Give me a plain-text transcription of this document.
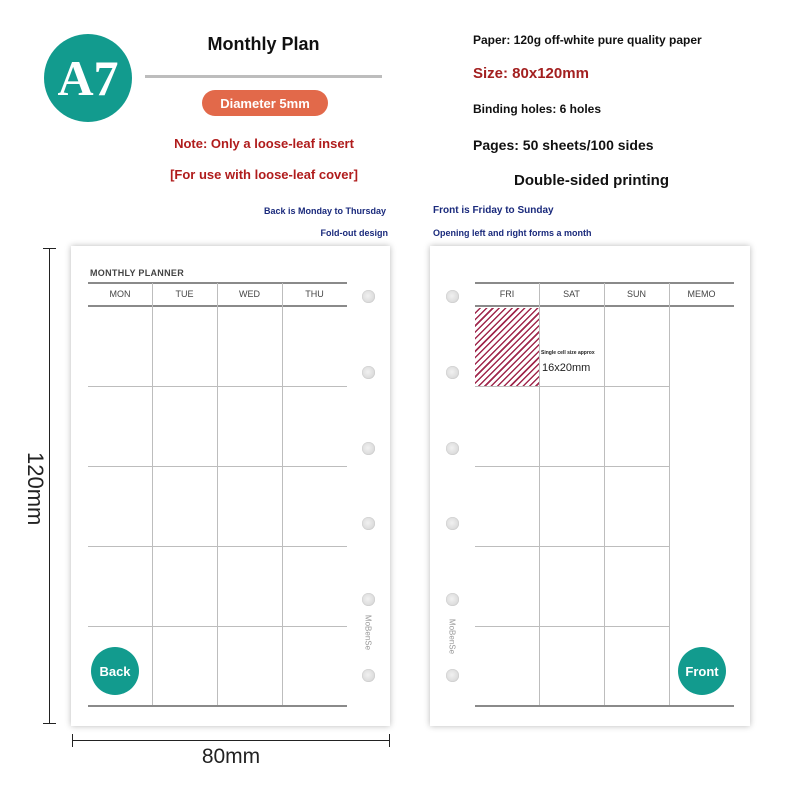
A7
Monthly Plan
Diameter 5mm
Note: Only a loose-leaf insert
[For use with loose-leaf cover]
Paper: 120g off-white pure quality paper
Size: 80x120mm
Binding holes: 6 holes
Pages: 50 sheets/100 sides
Double-sided printing
Back is Monday to Thursday
Fold-out design
Front is Friday to Sunday
Opening left and right forms a month
120mm
80mm
MONTHLY PLANNER
MON	TUE	WED	THU
MoBenSe
Back
FRI	SAT	SUN	MEMO
Single cell size approx
16x20mm
MoBenSe
Front
